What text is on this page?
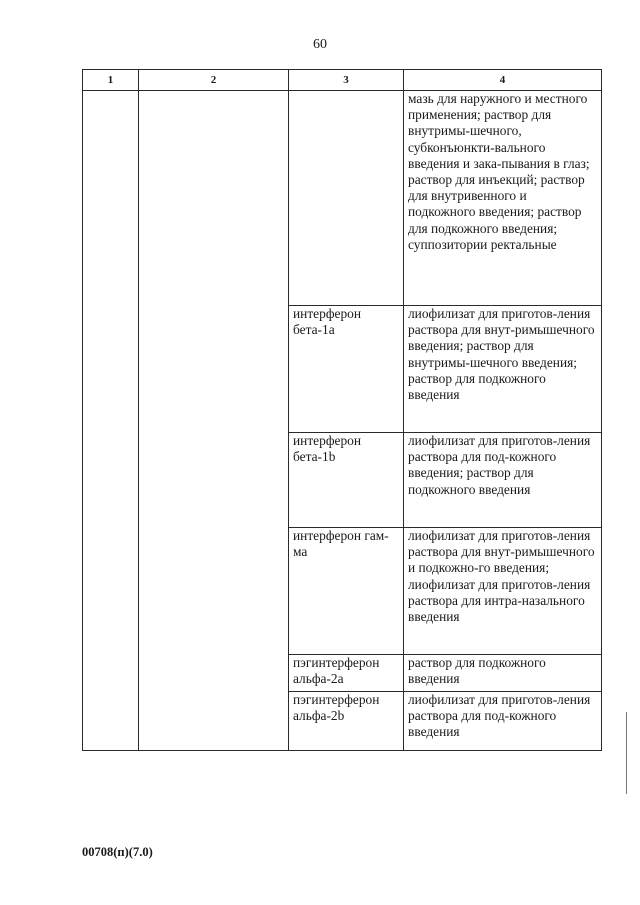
60
1	2	3	4
			мазь для наружного и местного применения; раствор для внутримы-шечного, субконъюнкти-вального введения и зака-пывания в глаз; раствор для инъекций; раствор для внутривенного и подкожного введения; раствор для подкожного введения; суппозитории ректальные
		интерферон бета-1a	лиофилизат для приготов-ления раствора для внут-римышечного введения; раствор для внутримы-шечного введения; раствор для подкожного введения
		интерферон бета-1b	лиофилизат для приготов-ления раствора для под-кожного введения; раствор для подкожного введения
		интерферон гам-ма	лиофилизат для приготов-ления раствора для внут-римышечного и подкожно-го введения; лиофилизат для приготов-ления раствора для интра-назального введения
		пэгинтерферон альфа-2a	раствор для подкожного введения
		пэгинтерферон альфа-2b	лиофилизат для приготов-ления раствора для под-кожного введения
00708(п)(7.0)
